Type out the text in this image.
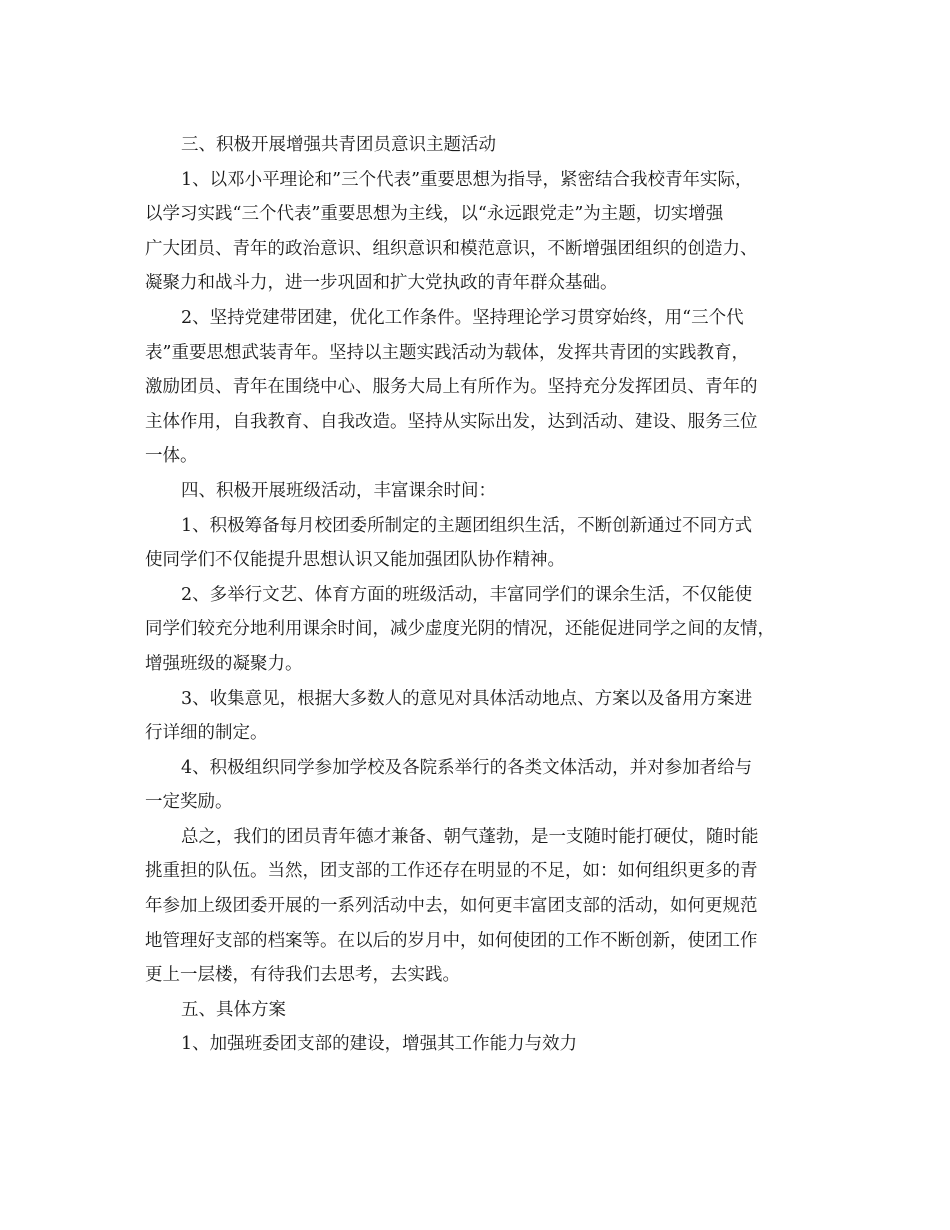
三、积极开展增强共青团员意识主题活动

1、以邓小平理论和”三个代表”重要思想为指导，紧密结合我校青年实际，
以学习实践“三个代表”重要思想为主线，以“永远跟党走”为主题，切实增强
广大团员、青年的政治意识、组织意识和模范意识，不断增强团组织的创造力、
凝聚力和战斗力，进一步巩固和扩大党执政的青年群众基础。

2、坚持党建带团建，优化工作条件。坚持理论学习贯穿始终，用“三个代
表”重要思想武装青年。坚持以主题实践活动为载体，发挥共青团的实践教育，
激励团员、青年在围绕中心、服务大局上有所作为。坚持充分发挥团员、青年的
主体作用，自我教育、自我改造。坚持从实际出发，达到活动、建设、服务三位
一体。

四、积极开展班级活动，丰富课余时间：

1、积极筹备每月校团委所制定的主题团组织生活，不断创新通过不同方式
使同学们不仅能提升思想认识又能加强团队协作精神。

2、多举行文艺、体育方面的班级活动，丰富同学们的课余生活，不仅能使
同学们较充分地利用课余时间，减少虚度光阴的情况，还能促进同学之间的友情，
增强班级的凝聚力。

3、收集意见，根据大多数人的意见对具体活动地点、方案以及备用方案进
行详细的制定。

4、积极组织同学参加学校及各院系举行的各类文体活动，并对参加者给与
一定奖励。

总之，我们的团员青年德才兼备、朝气蓬勃，是一支随时能打硬仗，随时能
挑重担的队伍。当然，团支部的工作还存在明显的不足，如：如何组织更多的青
年参加上级团委开展的一系列活动中去，如何更丰富团支部的活动，如何更规范
地管理好支部的档案等。在以后的岁月中，如何使团的工作不断创新，使团工作
更上一层楼，有待我们去思考，去实践。

五、具体方案

1、加强班委团支部的建设，增强其工作能力与效力
